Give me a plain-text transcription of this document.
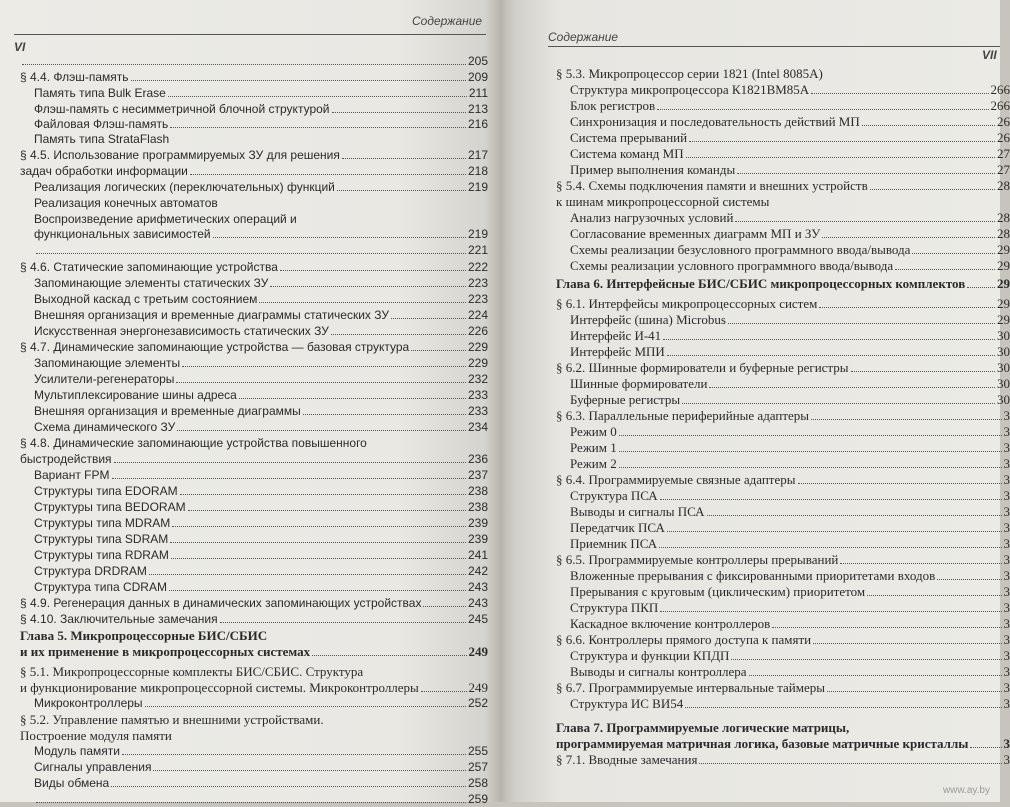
Содержание
VI
205
§ 4.4. Флэш-память	209
Память типа Bulk Erase	211
Флэш-память с несимметричной блочной структурой	213
Файловая Флэш-память	216
Память типа StrataFlash
§ 4.5. Использование программируемых ЗУ для решения	217
задач обработки информации	218
Реализация логических (переключательных) функций	219
Реализация конечных автоматов
Воспроизведение арифметических операций и
функциональных зависимостей	219
221
§ 4.6. Статические запоминающие устройства	222
Запоминающие элементы статических ЗУ	223
Выходной каскад с третьим состоянием	223
Внешняя организация и временные диаграммы статических ЗУ	224
Искусственная энергонезависимость статических ЗУ	226
§ 4.7. Динамические запоминающие устройства — базовая структура	229
Запоминающие элементы	229
Усилители-регенераторы	232
Мультиплексирование шины адреса	233
Внешняя организация и временные диаграммы	233
Схема динамического ЗУ	234
§ 4.8. Динамические запоминающие устройства повышенного
быстродействия	236
Вариант FPM	237
Структуры типа EDORAM	238
Структуры типа BEDORAM	238
Структуры типа MDRAM	239
Структуры типа SDRAM	239
Структуры типа RDRAM	241
Структура DRDRAM	242
Структура типа CDRAM	243
§ 4.9. Регенерация данных в динамических запоминающих устройствах	243
§ 4.10. Заключительные замечания	245
Глава 5. Микропроцессорные БИС/СБИС
и их применение в микропроцессорных системах	249
§ 5.1. Микропроцессорные комплекты БИС/СБИС. Структура
и функционирование микропроцессорной системы. Микроконтроллеры	249
Микроконтроллеры	252
§ 5.2. Управление памятью и внешними устройствами.
Построение модуля памяти
Модуль памяти	255
Сигналы управления	257
Виды обмена	258
259
Содержание
VII
§ 5.3. Микропроцессор серии 1821 (Intel 8085A)
Структура микропроцессора К1821ВМ85А	266
Блок регистров	266
Синхронизация и последовательность действий МП	26
Система прерываний	26
Система команд МП	27
Пример выполнения команды	27
§ 5.4. Схемы подключения памяти и внешних устройств	28
к шинам микропроцессорной системы
Анализ нагрузочных условий	28
Согласование временных диаграмм МП и ЗУ	28
Схемы реализации безусловного программного ввода/вывода	29
Схемы реализации условного программного ввода/вывода	29
Глава 6. Интерфейсные БИС/СБИС микропроцессорных комплектов 29
§ 6.1. Интерфейсы микропроцессорных систем	29
Интерфейс (шина) Microbus	29
Интерфейс И-41	30
Интерфейс МПИ	30
§ 6.2. Шинные формирователи и буферные регистры	30
Шинные формирователи	30
Буферные регистры	30
§ 6.3. Параллельные периферийные адаптеры	3
Режим 0	3
Режим 1	3
Режим 2	3
§ 6.4. Программируемые связные адаптеры	3
Структура ПСА	3
Выводы и сигналы ПСА	3
Передатчик ПСА	3
Приемник ПСА	3
§ 6.5. Программируемые контроллеры прерываний	3
Вложенные прерывания с фиксированными приоритетами входов	3
Прерывания с круговым (циклическим) приоритетом	3
Структура ПКП	3
Каскадное включение контроллеров	3
§ 6.6. Контроллеры прямого доступа к памяти	3
Структура и функции КПДП	3
Выводы и сигналы контроллера	3
§ 6.7. Программируемые интервальные таймеры	3
Структура ИС ВИ54	3
Глава 7. Программируемые логические матрицы,
программируемая матричная логика, базовые матричные кристаллы	3
§ 7.1. Вводные замечания	3
www.ay.by
